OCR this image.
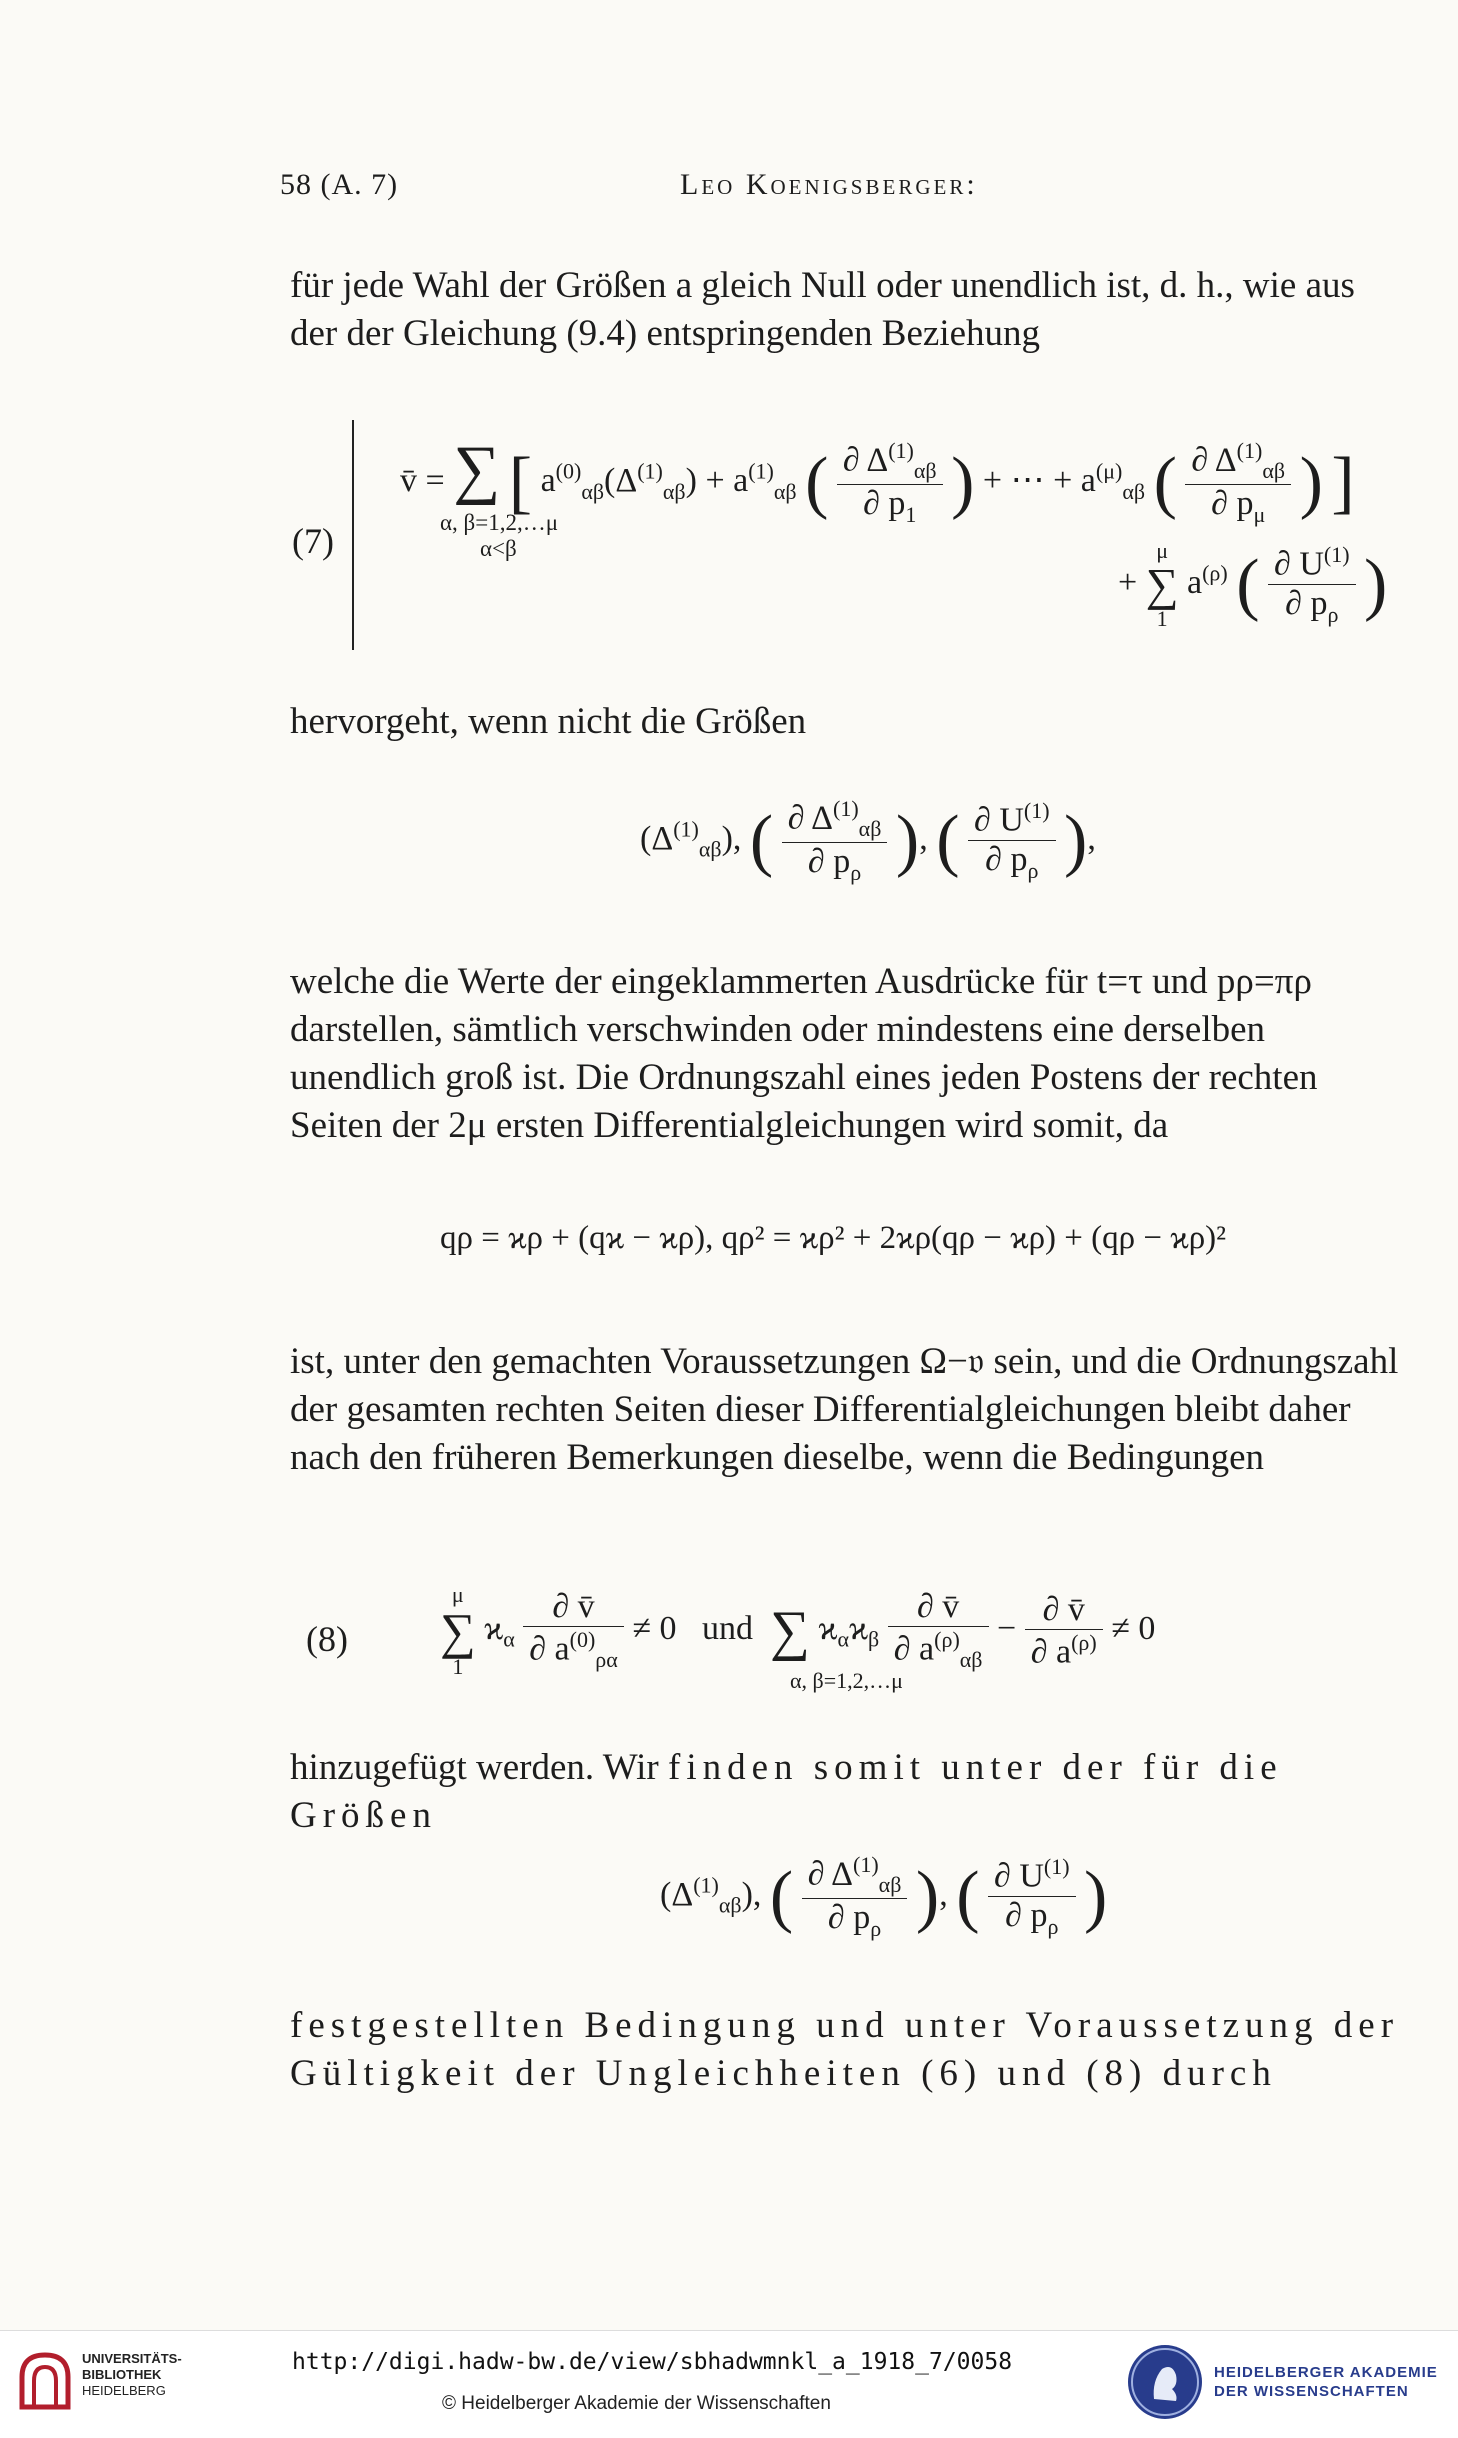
58 (A. 7)	Leo Koenigsberger:
für jede Wahl der Größen a gleich Null oder unendlich ist, d. h., wie aus der der Gleichung (9.4) entspringenden Beziehung
(7)
v̄ = ∑ [ $a^{(0)}_{\alpha\beta}(\Delta^{(1)}_{\alpha\beta}) + a^{(1)}_{\alpha\beta}$ ( $\frac{\partial \Delta^{(1)}_{\alpha\beta}}{\partial p_1}$ ) + ⋯ + $a^{(\mu)}_{\alpha\beta}$ ( $\frac{\partial \Delta^{(1)}_{\alpha\beta}}{\partial p_\mu}$ ) ]
α, β=1,2,…μ
α<β
+ μ
∑
1 $a^{(\rho)}$ ( $\frac{\partial U^{(1)}}{\partial p_\rho}$ )
hervorgeht, wenn nicht die Größen
$(\Delta^{(1)}_{\alpha\beta})$, ( $\frac{\partial \Delta^{(1)}_{\alpha\beta}}{\partial p_\rho}$ ), ( $\frac{\partial U^{(1)}}{\partial p_\rho}$ ),
welche die Werte der eingeklammerten Ausdrücke für t=τ und pρ=πρ darstellen, sämtlich verschwinden oder mindestens eine derselben unendlich groß ist. Die Ordnungszahl eines jeden Postens der rechten Seiten der 2μ ersten Differentialgleichungen wird somit, da
qρ = ϰρ + (qϰ − ϰρ), qρ² = ϰρ² + 2ϰρ(qρ − ϰρ) + (qρ − ϰρ)²
ist, unter den gemachten Voraussetzungen Ω−𝔳 sein, und die Ordnungszahl der gesamten rechten Seiten dieser Differentialgleichungen bleibt daher nach den früheren Bemerkungen dieselbe, wenn die Bedingungen
(8)
μ
∑
1 $ϰ_\alpha \frac{\partial v̄}{\partial a^{(0)}_{\rho\alpha}} \ne 0$ und ∑ $ϰ_\alpha ϰ_\beta \frac{\partial v̄}{\partial a^{(\rho)}_{\alpha\beta}} - \frac{\partial v̄}{\partial a^{(\rho)}} \ne 0$
α, β=1,2,…μ
hinzugefügt werden. Wir finden somit unter der für die Größen
$(\Delta^{(1)}_{\alpha\beta})$, ( $\frac{\partial \Delta^{(1)}_{\alpha\beta}}{\partial p_\rho}$ ), ( $\frac{\partial U^{(1)}}{\partial p_\rho}$ )
festgestellten Bedingung und unter Voraussetzung der Gültigkeit der Ungleichheiten (6) und (8) durch
UNIVERSITÄTS-
BIBLIOTHEK
HEIDELBERG
http://digi.hadw-bw.de/view/sbhadwmnkl_a_1918_7/0058
© Heidelberger Akademie der Wissenschaften
HEIDELBERGER AKADEMIE
DER WISSENSCHAFTEN
